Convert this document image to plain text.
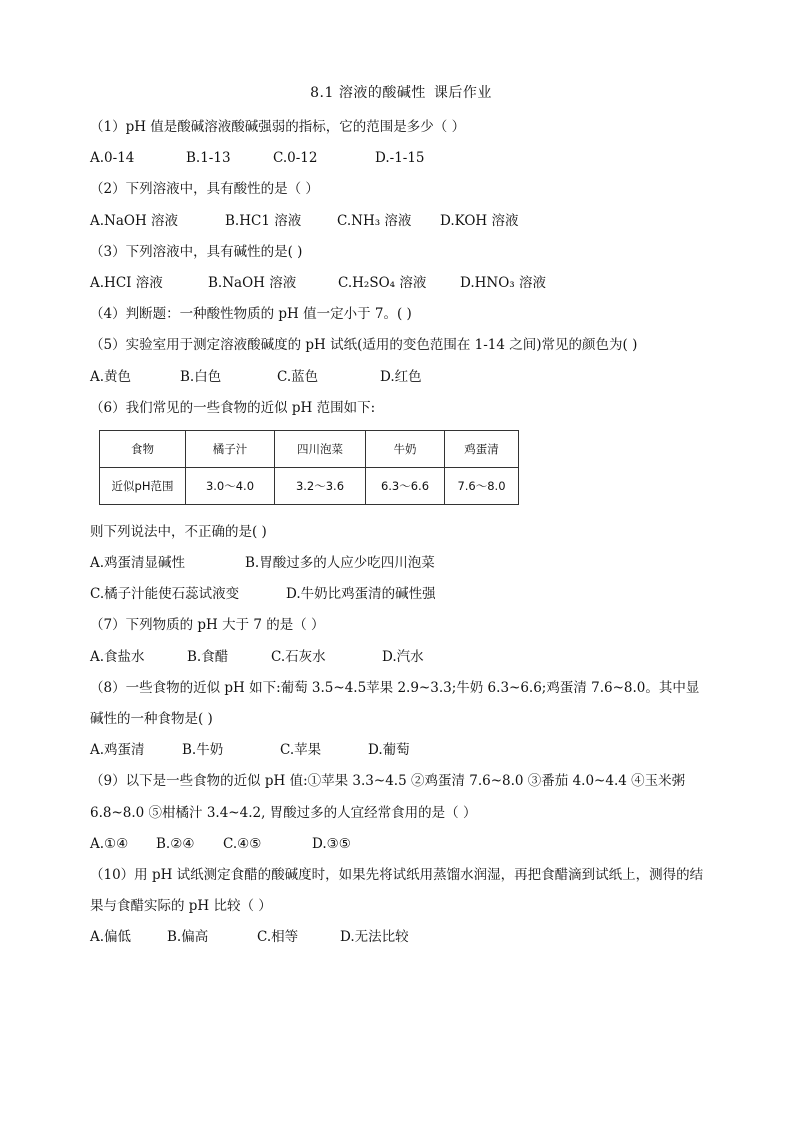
8.1 溶液的酸碱性 课后作业
（1）pH 值是酸碱溶液酸碱强弱的指标，它的范围是多少（ ）
A.0-14	B.1-13	C.0-12	D.-1-15
（2）下列溶液中，具有酸性的是（ ）
A.NaOH 溶液	B.HC1 溶液	C.NH₃ 溶液	D.KOH 溶液
（3）下列溶液中，具有碱性的是( )
A.HCI 溶液	B.NaOH 溶液	C.H₂SO₄ 溶液	D.HNO₃ 溶液
（4）判断题：一种酸性物质的 pH 值一定小于 7。( )
（5）实验室用于测定溶液酸碱度的 pH 试纸(适用的变色范围在 1-14 之间)常见的颜色为( )
A.黄色	B.白色	C.蓝色	D.红色
（6）我们常见的一些食物的近似 pH 范围如下:
食物	橘子汁	四川泡菜	牛奶	鸡蛋清
近似pH范围	3.0～4.0	3.2～3.6	6.3～6.6	7.6～8.0
则下列说法中，不正确的是( )
A.鸡蛋清显碱性	B.胃酸过多的人应少吃四川泡菜
C.橘子汁能使石蕊试液变	D.牛奶比鸡蛋清的碱性强
（7）下列物质的 pH 大于 7 的是（ ）
A.食盐水	B.食醋	C.石灰水	D.汽水
（8）一些食物的近似 pH 如下:葡萄 3.5~4.5苹果 2.9~3.3;牛奶 6.3~6.6;鸡蛋清 7.6~8.0。其中显碱性的一种食物是( )
A.鸡蛋清	B.牛奶	C.苹果	D.葡萄
（9）以下是一些食物的近似 pH 值:①苹果 3.3~4.5 ②鸡蛋清 7.6~8.0 ③番茄 4.0~4.4 ④玉米粥 6.8~8.0 ⑤柑橘汁 3.4~4.2, 胃酸过多的人宜经常食用的是（ ）
A.①④	B.②④	C.④⑤	D.③⑤
（10）用 pH 试纸测定食醋的酸碱度时，如果先将试纸用蒸馏水润湿，再把食醋滴到试纸上，测得的结果与食醋实际的 pH 比较（ ）
A.偏低	B.偏高	C.相等	D.无法比较
